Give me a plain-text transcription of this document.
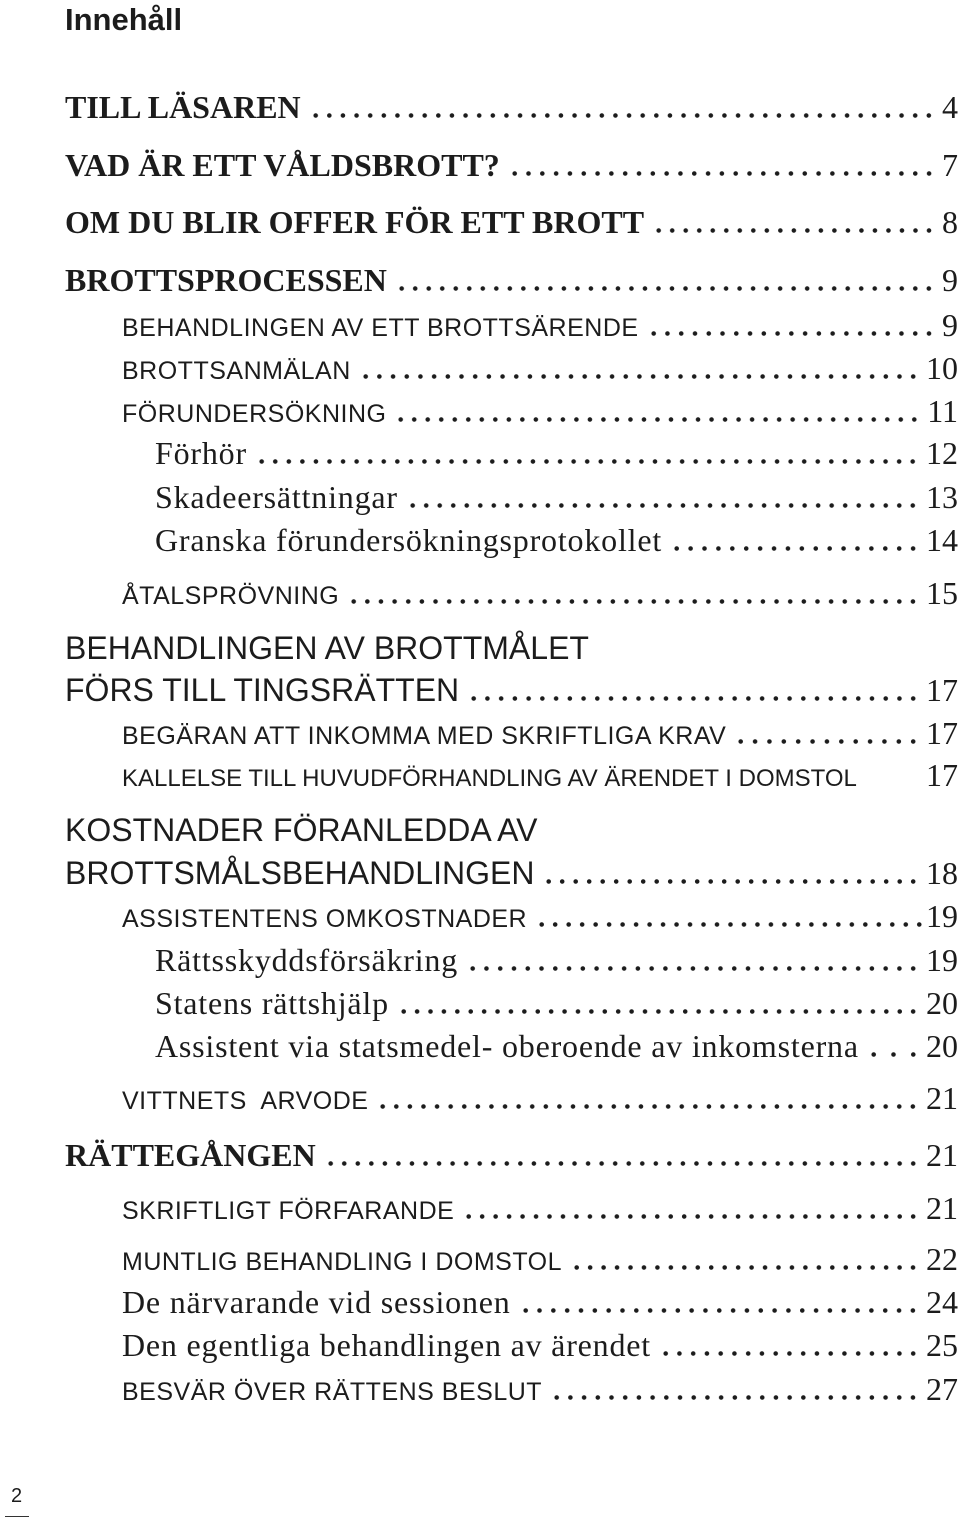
Innehåll
TILL LÄSAREN	4
VAD ÄR ETT VÅLDSBROTT?	7
OM DU BLIR OFFER FÖR ETT BROTT	8
BROTTSPROCESSEN	9
BEHANDLINGEN AV ETT BROTTSÄRENDE	9
BROTTSANMÄLAN	10
FÖRUNDERSÖKNING	11
Förhör	12
Skadeersättningar	13
Granska förundersökningsprotokollet	14
ÅTALSPRÖVNING	15
BEHANDLINGEN AV BROTTMÅLET
FÖRS TILL TINGSRÄTTEN	17
BEGÄRAN ATT INKOMMA MED SKRIFTLIGA KRAV	17
KALLELSE TILL HUVUDFÖRHANDLING AV ÄRENDET I DOMSTOL 17
KOSTNADER FÖRANLEDDA AV
BROTTSMÅLSBEHANDLINGEN	18
ASSISTENTENS OMKOSTNADER	19
Rättsskyddsförsäkring	19
Statens rättshjälp	20
Assistent via statsmedel- oberoende av inkomsterna 20
VITTNETS  ARVODE	21
RÄTTEGÅNGEN	21
SKRIFTLIGT FÖRFARANDE	21
MUNTLIG BEHANDLING I DOMSTOL	22
De närvarande vid sessionen	24
Den egentliga behandlingen av ärendet	25
BESVÄR ÖVER RÄTTENS BESLUT	27
2
